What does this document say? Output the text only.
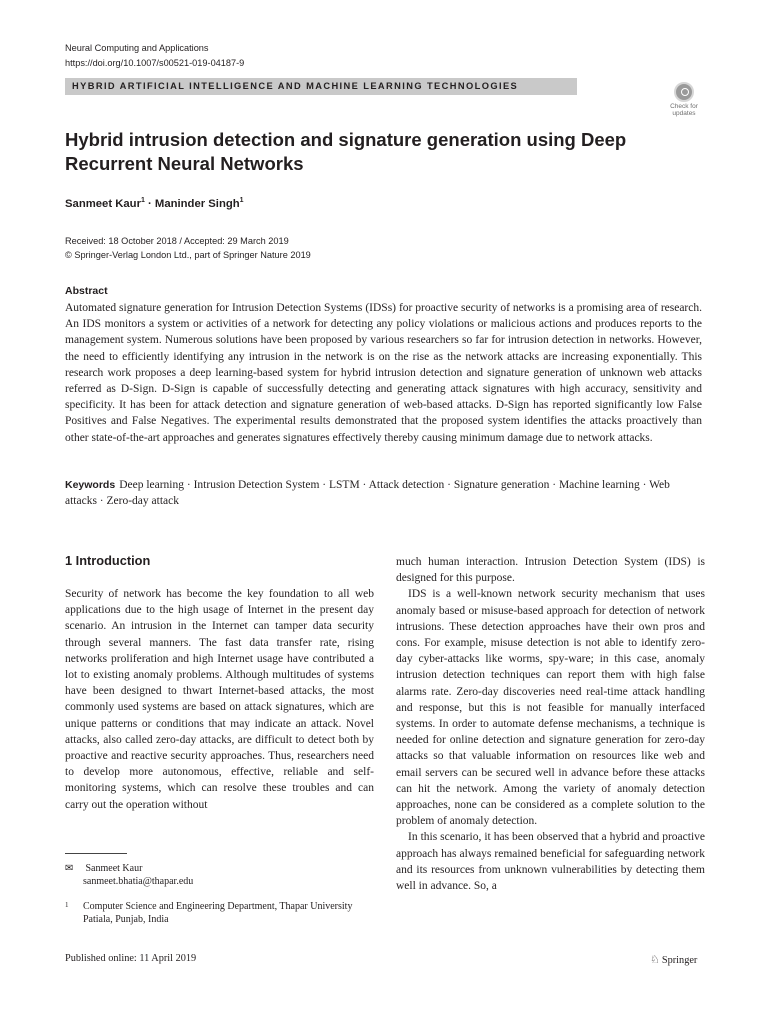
Neural Computing and Applications
https://doi.org/10.1007/s00521-019-04187-9
HYBRID ARTIFICIAL INTELLIGENCE AND MACHINE LEARNING TECHNOLOGIES
Check for
updates
Hybrid intrusion detection and signature generation using Deep Recurrent Neural Networks
Sanmeet Kaur$^1$ · Maninder Singh$^1$
Received: 18 October 2018 / Accepted: 29 March 2019
© Springer-Verlag London Ltd., part of Springer Nature 2019
Abstract

Automated signature generation for Intrusion Detection Systems (IDSs) for proactive security of networks is a promising area of research. An IDS monitors a system or activities of a network for detecting any policy violations or malicious actions and produces reports to the management system. Numerous solutions have been proposed by various researchers so far for intrusion detection in networks. However, the need to efficiently identifying any intrusion in the network is on the rise as the network attacks are increasing exponentially. This research work proposes a deep learning-based system for hybrid intrusion detection and signature generation of unknown web attacks referred as D-Sign. D-Sign is capable of successfully detecting and generating attack signatures with high accuracy, sensitivity and specificity. It has been for attack detection and signature generation of web-based attacks. D-Sign has reported significantly low False Positives and False Negatives. The experimental results demonstrated that the proposed system identifies the attacks proactively than other state-of-the-art approaches and generates signatures effectively thereby causing minimum damage due to network attacks.

Keywords Deep learning · Intrusion Detection System · LSTM · Attack detection · Signature generation · Machine learning · Web attacks · Zero-day attack

1 Introduction

Security of network has become the key foundation to all web applications due to the high usage of Internet in the present day scenario. An intrusion in the Internet can tamper data security through several manners. The fast data transfer rate, rising networks proliferation and high Internet usage have contributed a lot to existing anomaly problems. Although multitudes of systems have been designed to thwart Internet-based attacks, the most commonly used systems are based on attack signatures, which are unique patterns or conditions that may indicate an attack. Novel attacks, also called zero-day attacks, are difficult to detect both by proactive and reactive security approaches. Thus, researchers need to develop more autonomous, effective, reliable and self-monitoring systems, which can resolve these troubles and can carry out the operation without

much human interaction. Intrusion Detection System (IDS) is designed for this purpose.

IDS is a well-known network security mechanism that uses anomaly based or misuse-based approach for detection of network intrusions. These detection approaches have their own pros and cons. For example, misuse detection is not able to identify zero-day cyber-attacks like worms, spy-ware; in this case, anomaly intrusion detection techniques can report them with high false alarms rate. Zero-day discoveries need real-time attack handling and response, but this is not feasible for manually interfaced systems. In order to automate defense mechanisms, a technique is needed for online detection and signature generation for zero-day attacks so that valuable information on resources like web and email servers can be secured well in advance before these attacks can hit the network. Among the variety of anomaly detection approaches, none can be considered as a complete solution to the problem of anomaly detection.

In this scenario, it has been observed that a hybrid and proactive approach has always remained beneficial for safeguarding network and its resources from unknown vulnerabilities by detecting them well in advance. So, a

✉ Sanmeet Kaur
sanmeet.bhatia@thapar.edu
1 Computer Science and Engineering Department, Thapar University Patiala, Punjab, India
Published online: 11 April 2019	♘ Springer
